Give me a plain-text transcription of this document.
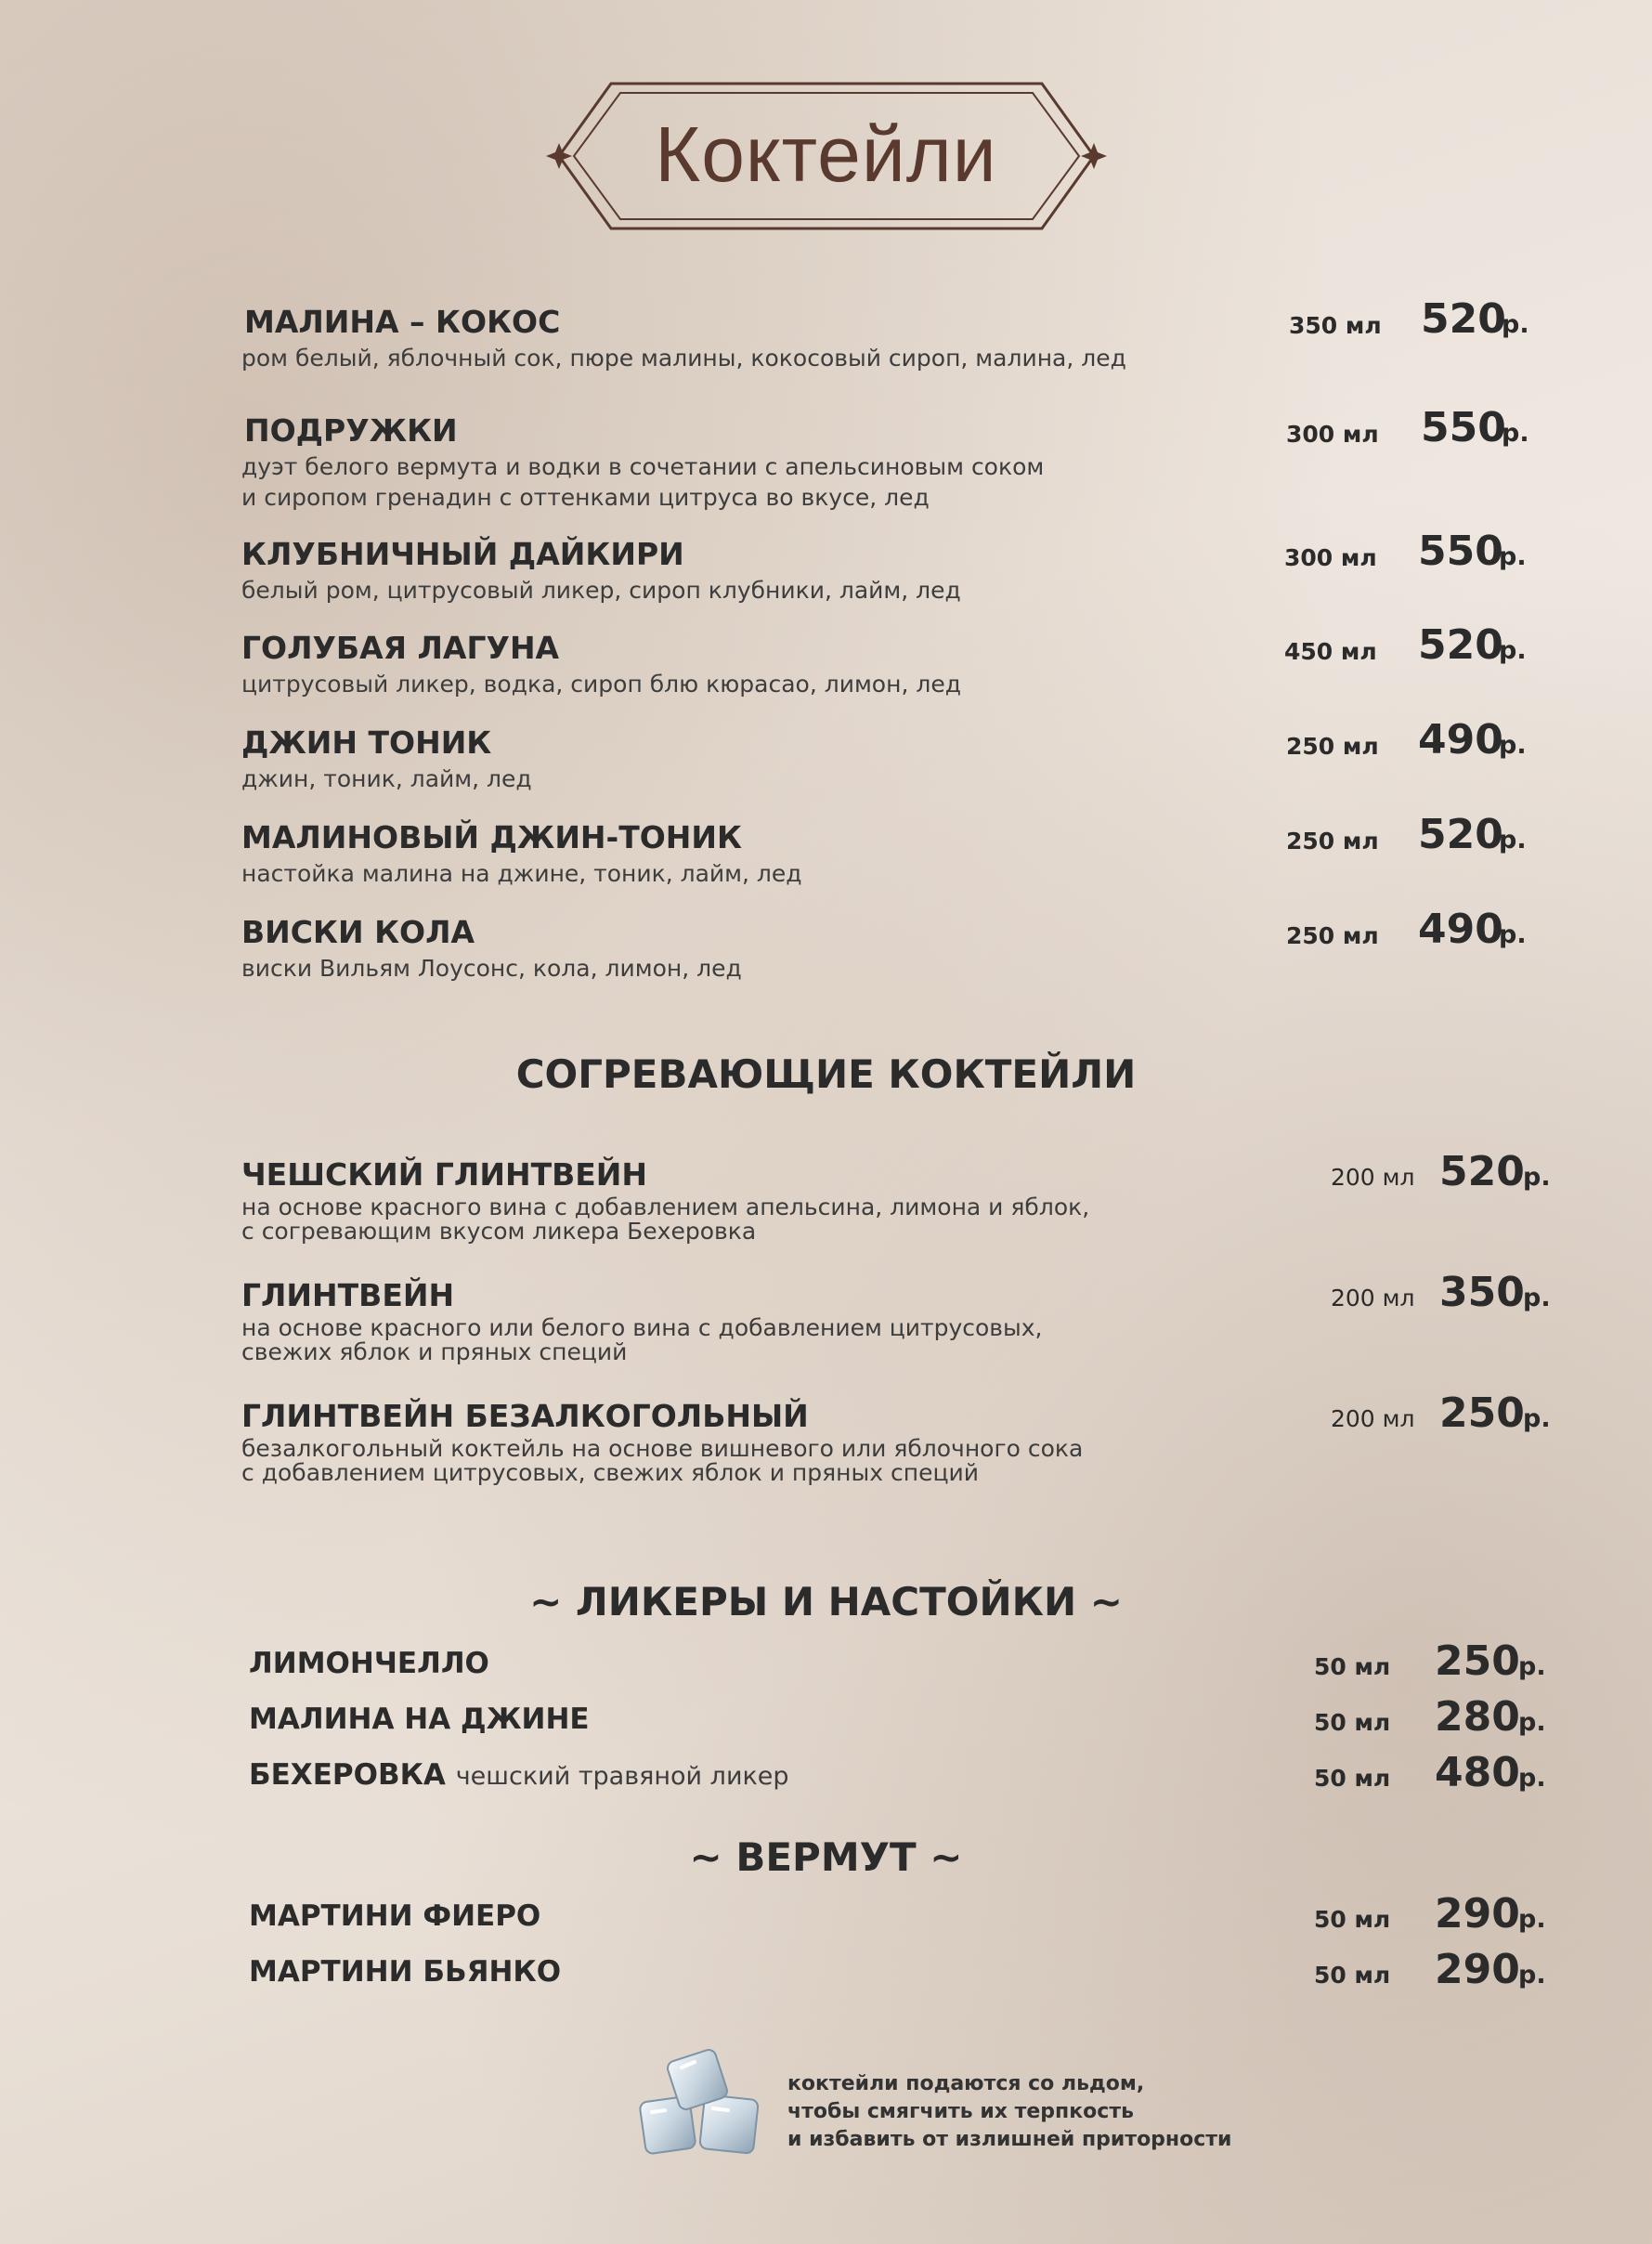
Коктейли
МАЛИНА – КОКОС
ром белый, яблочный сок, пюре малины, кокосовый сироп, малина, лед
350 мл 520
р.
ПОДРУЖКИ
дуэт белого вермута и водки в сочетании с апельсиновым соком
и сиропом гренадин с оттенками цитруса во вкусе, лед
300 мл 550
р.
КЛУБНИЧНЫЙ ДАЙКИРИ
белый ром, цитрусовый ликер, сироп клубники, лайм, лед
300 мл 550
р.
ГОЛУБАЯ ЛАГУНА
цитрусовый ликер, водка, сироп блю кюрасао, лимон, лед
450 мл 520
р.
ДЖИН ТОНИК
джин, тоник, лайм, лед
250 мл 490
р.
МАЛИНОВЫЙ ДЖИН-ТОНИК
настойка малина на джине, тоник, лайм, лед
250 мл 520
р.
ВИСКИ КОЛА
виски Вильям Лоусонс, кола, лимон, лед
250 мл 490
р.
СОГРЕВАЮЩИЕ КОКТЕЙЛИ
ЧЕШСКИЙ ГЛИНТВЕЙН
на основе красного вина с добавлением апельсина, лимона и яблок,
с согревающим вкусом ликера Бехеровка
200 мл 520
р.
ГЛИНТВЕЙН
на основе красного или белого вина с добавлением цитрусовых,
свежих яблок и пряных специй
200 мл 350
р.
ГЛИНТВЕЙН БЕЗАЛКОГОЛЬНЫЙ
безалкогольный коктейль на основе вишневого или яблочного сока
с добавлением цитрусовых, свежих яблок и пряных специй
200 мл 250
р.
~ ЛИКЕРЫ И НАСТОЙКИ ~
ЛИМОНЧЕЛЛО	50 мл 250
р.
МАЛИНА НА ДЖИНЕ	50 мл 280
р.
БЕХЕРОВКА чешский травяной ликер	50 мл 480
р.
~ ВЕРМУТ ~
МАРТИНИ ФИЕРО	50 мл 290
р.
МАРТИНИ БЬЯНКО	50 мл 290
р.
коктейли подаются со льдом,
чтобы смягчить их терпкость
и избавить от излишней приторности
